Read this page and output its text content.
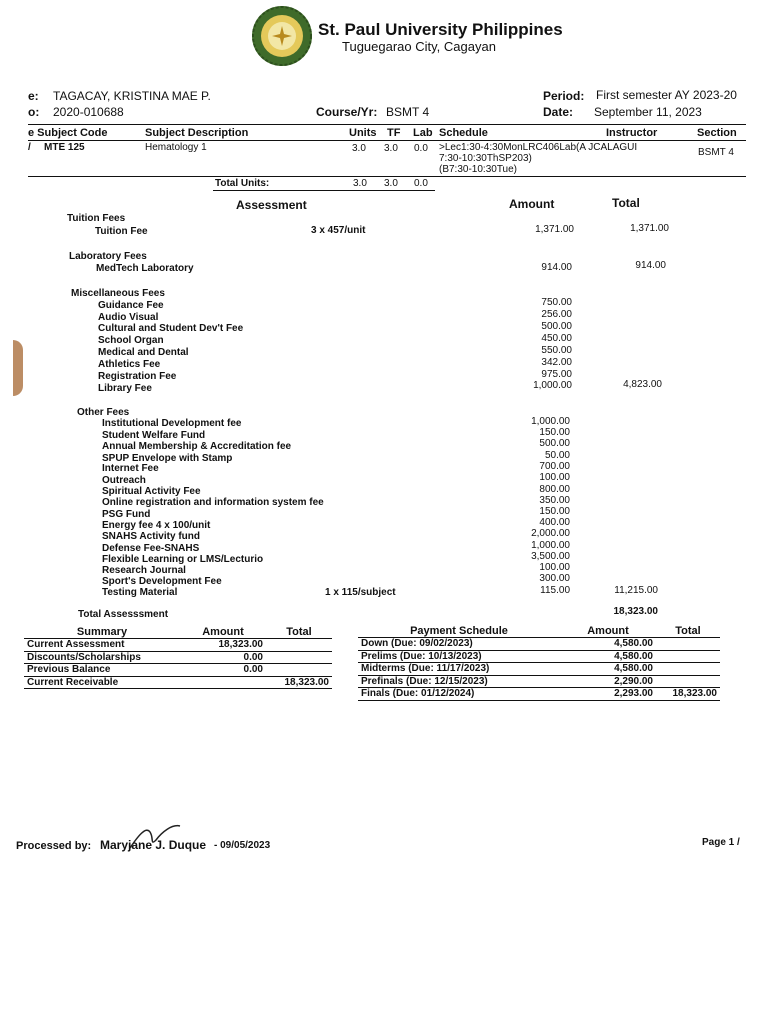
St. Paul University Philippines
Tuguegarao City, Cagayan
e: TAGACAY, KRISTINA MAE P.
o: 2020-010688	Course/Yr: BSMT 4
Period: First semester AY 2023-20
Date: September 11, 2023
e Subject Code	Subject Description	Units TF Lab Schedule	Instructor	Section
/ MTE 125	Hematology 1	3.0 3.0 0.0 >Lec1:30-4:30MonLRC406Lab(A JCALAGUI
7:30-10:30ThSP203)
(B7:30-10:30Tue)
BSMT 4
Total Units:	3.0 3.0 0.0
Assessment	Amount	Total
Tuition Fees
Tuition Fee	3 x 457/unit	1,371.00	1,371.00
Laboratory Fees
MedTech Laboratory	914.00	914.00
Miscellaneous Fees
Guidance Fee	750.00
Audio Visual	256.00
Cultural and Student Dev't Fee	500.00
School Organ	450.00
Medical and Dental	550.00
Athletics Fee	342.00
Registration Fee	975.00
Library Fee	1,000.00	4,823.00
Other Fees
Institutional Development fee	1,000.00
Student Welfare Fund	150.00
Annual Membership & Accreditation fee	500.00
SPUP Envelope with Stamp	50.00
Internet Fee	700.00
Outreach	100.00
Spiritual Activity Fee	800.00
Online registration and information system fee	350.00
PSG Fund	150.00
Energy fee 4 x 100/unit	400.00
SNAHS Activity fund	2,000.00
Defense Fee-SNAHS	1,000.00
Flexible Learning or LMS/Lecturio	3,500.00
Research Journal	100.00
Sport's Development Fee	300.00
Testing Material	1 x 115/subject	115.00	11,215.00
Total Assesssment	18,323.00
Summary	Amount	Total
Current Assessment	18,323.00	
Discounts/Scholarships	0.00	
Previous Balance	0.00	
Current Receivable		18,323.00
Payment Schedule	Amount	Total
Down (Due: 09/02/2023)	4,580.00	
Prelims (Due: 10/13/2023)	4,580.00	
Midterms (Due: 11/17/2023)	4,580.00	
Prefinals (Due: 12/15/2023)	2,290.00	
Finals (Due: 01/12/2024)	2,293.00	18,323.00
Processed by: Maryjane J. Duque - 09/05/2023	Page 1 /
